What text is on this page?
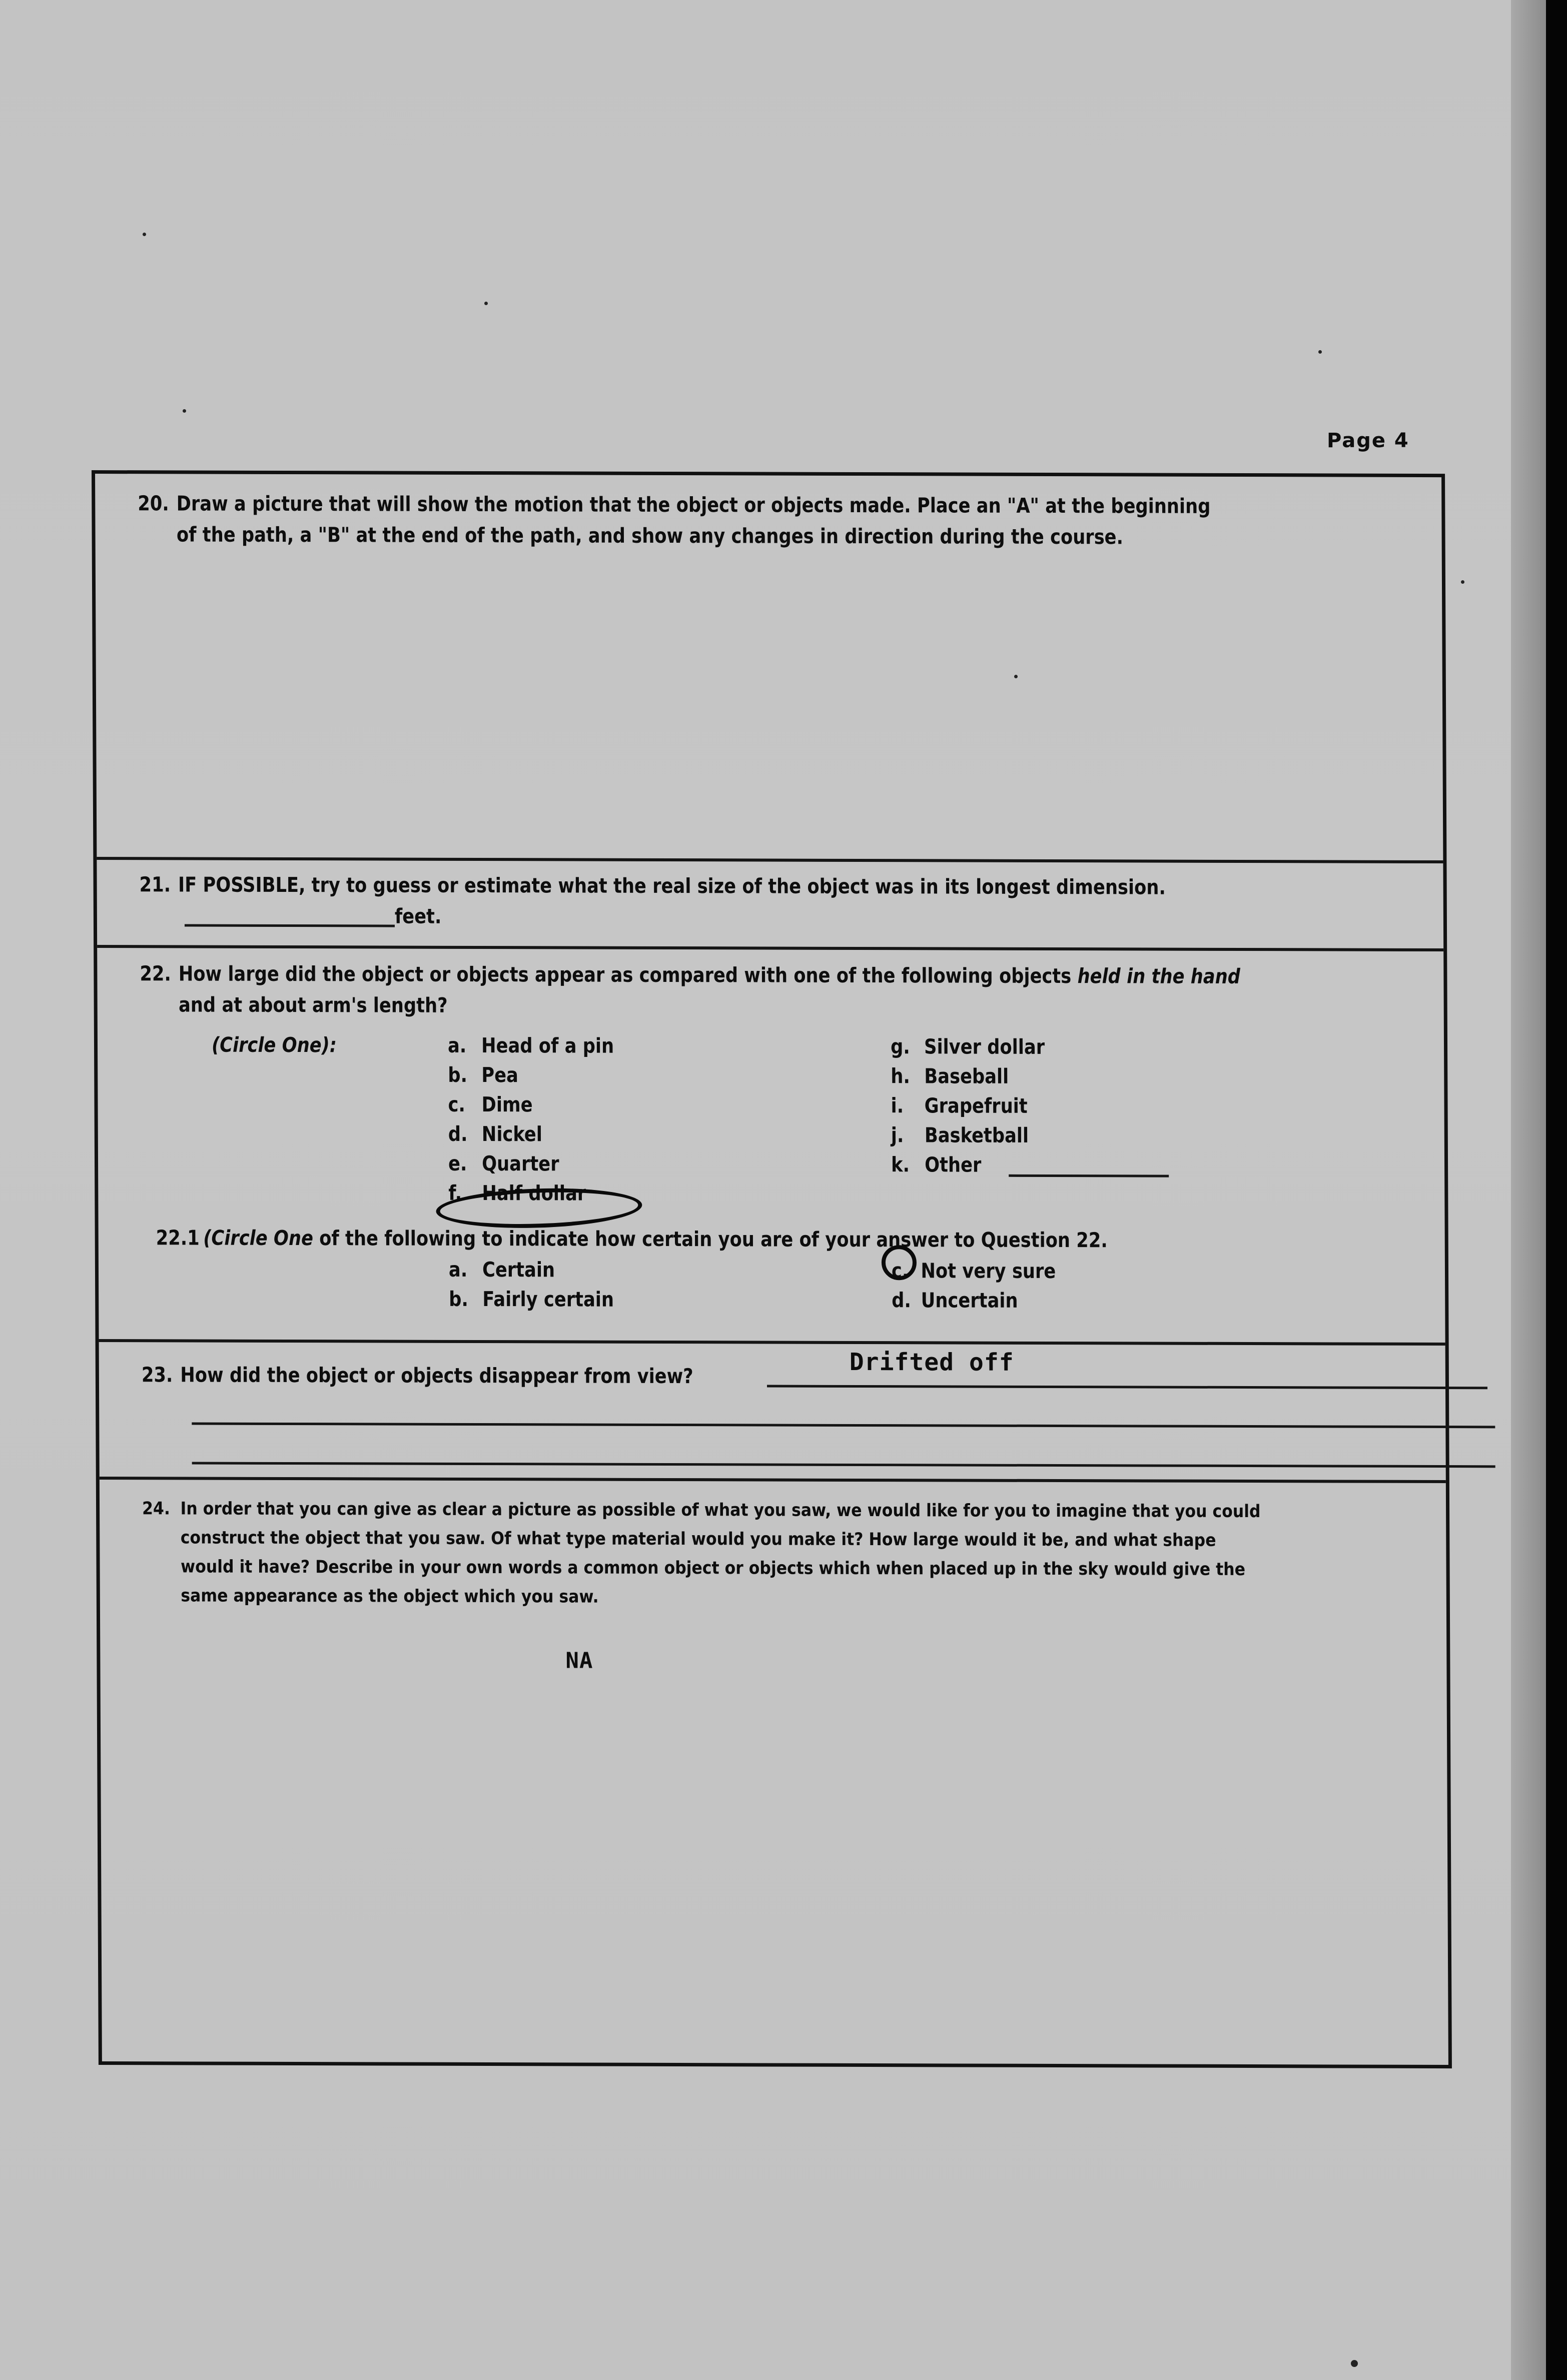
Page 4
20. Draw a picture that will show the motion that the object or objects made. Place an "A" at the beginning
of the path, a "B" at the end of the path, and show any changes in direction during the course.
21. IF POSSIBLE, try to guess or estimate what the real size of the object was in its longest dimension.
feet.
22. How large did the object or objects appear as compared with one of the following objects held in the hand
and at about arm's length?
(Circle One):	a. Head of a pin
b. Pea
c. Dime
d. Nickel
e. Quarter
f. Half dollar
g. Silver dollar
h. Baseball
i. Grapefruit
j. Basketball
k. Other
22.1 (Circle One of the following to indicate how certain you are of your answer to Question 22.
a. Certain
b. Fairly certain
c. Not very sure
d. Uncertain
23. How did the object or objects disappear from view?	Drifted off
24. In order that you can give as clear a picture as possible of what you saw, we would like for you to imagine that you could
construct the object that you saw. Of what type material would you make it? How large would it be, and what shape
would it have? Describe in your own words a common object or objects which when placed up in the sky would give the
same appearance as the object which you saw.
NA
